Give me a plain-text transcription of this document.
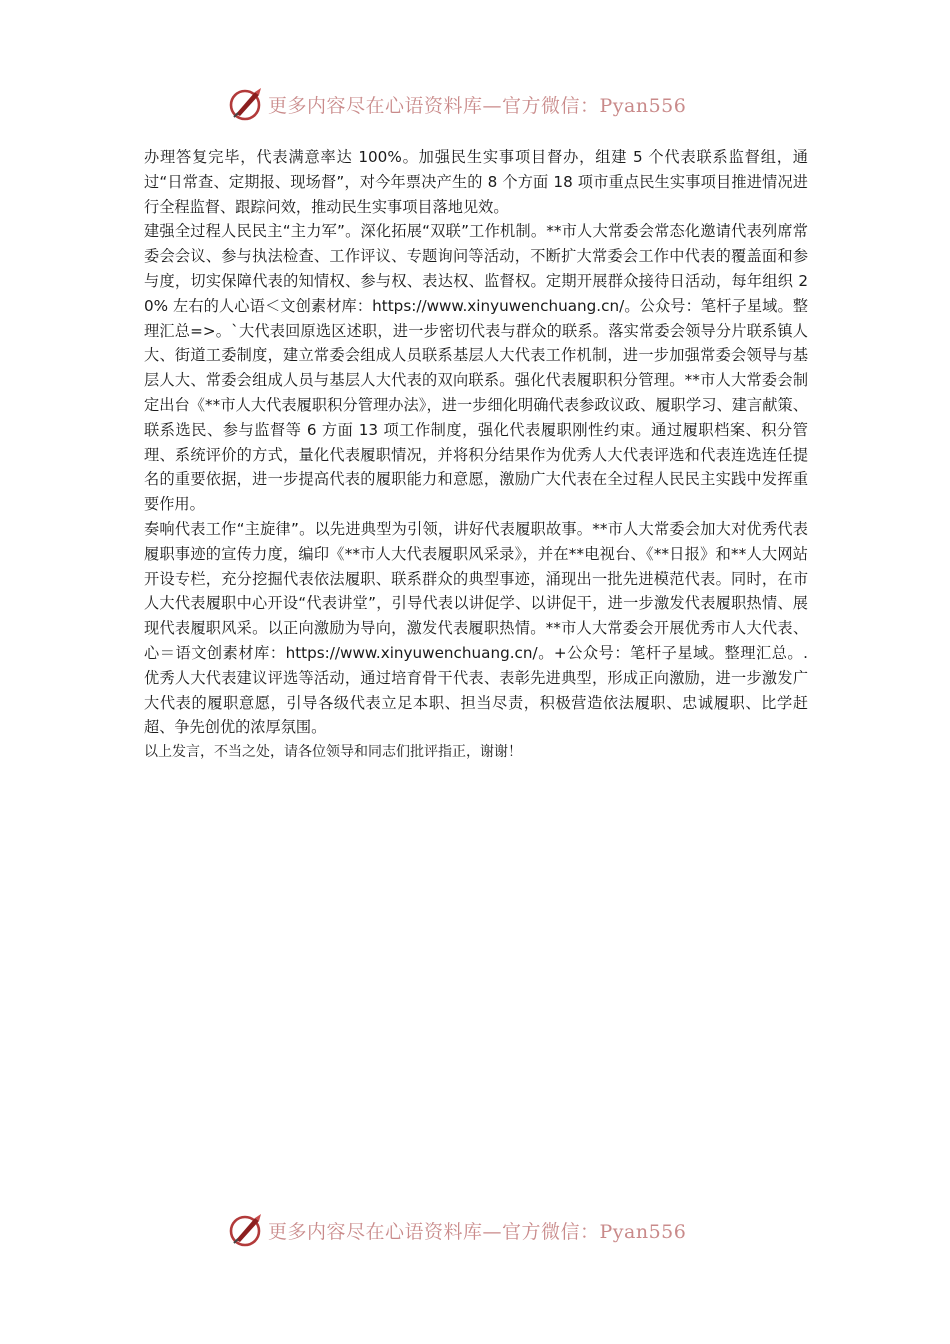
更多内容尽在心语资料库—官方微信：Pyan556

办理答复完毕，代表满意率达 100%。加强民生实事项目督办，组建 5 个代表联系监督组，通过“日常查、定期报、现场督”，对今年票决产生的 8 个方面 18 项市重点民生实事项目推进情况进行全程监督、跟踪问效，推动民生实事项目落地见效。

建强全过程人民民主“主力军”。深化拓展“双联”工作机制。**市人大常委会常态化邀请代表列席常委会会议、参与执法检查、工作评议、专题询问等活动，不断扩大常委会工作中代表的覆盖面和参与度，切实保障代表的知情权、参与权、表达权、监督权。定期开展群众接待日活动，每年组织 20% 左右的人心语＜文创素材库：https://www.xinyuwenchuang.cn/。公众号：笔杆子星域。整理汇总=>。`大代表回原选区述职，进一步密切代表与群众的联系。落实常委会领导分片联系镇人大、街道工委制度，建立常委会组成人员联系基层人大代表工作机制，进一步加强常委会领导与基层人大、常委会组成人员与基层人大代表的双向联系。强化代表履职积分管理。**市人大常委会制定出台《**市人大代表履职积分管理办法》，进一步细化明确代表参政议政、履职学习、建言献策、联系选民、参与监督等 6 方面 13 项工作制度，强化代表履职刚性约束。通过履职档案、积分管理、系统评价的方式，量化代表履职情况，并将积分结果作为优秀人大代表评选和代表连选连任提名的重要依据，进一步提高代表的履职能力和意愿，激励广大代表在全过程人民民主实践中发挥重要作用。

奏响代表工作“主旋律”。以先进典型为引领，讲好代表履职故事。**市人大常委会加大对优秀代表履职事迹的宣传力度，编印《**市人大代表履职风采录》，并在**电视台、《**日报》和**人大网站开设专栏，充分挖掘代表依法履职、联系群众的典型事迹，涌现出一批先进模范代表。同时，在市人大代表履职中心开设“代表讲堂”，引导代表以讲促学、以讲促干，进一步激发代表履职热情、展现代表履职风采。以正向激励为导向，激发代表履职热情。**市人大常委会开展优秀市人大代表、心＝语文创素材库：https://www.xinyuwenchuang.cn/。+公众号：笔杆子星域。整理汇总。.优秀人大代表建议评选等活动，通过培育骨干代表、表彰先进典型，形成正向激励，进一步激发广大代表的履职意愿，引导各级代表立足本职、担当尽责，积极营造依法履职、忠诚履职、比学赶超、争先创优的浓厚氛围。

以上发言，不当之处，请各位领导和同志们批评指正，谢谢！

更多内容尽在心语资料库—官方微信：Pyan556
